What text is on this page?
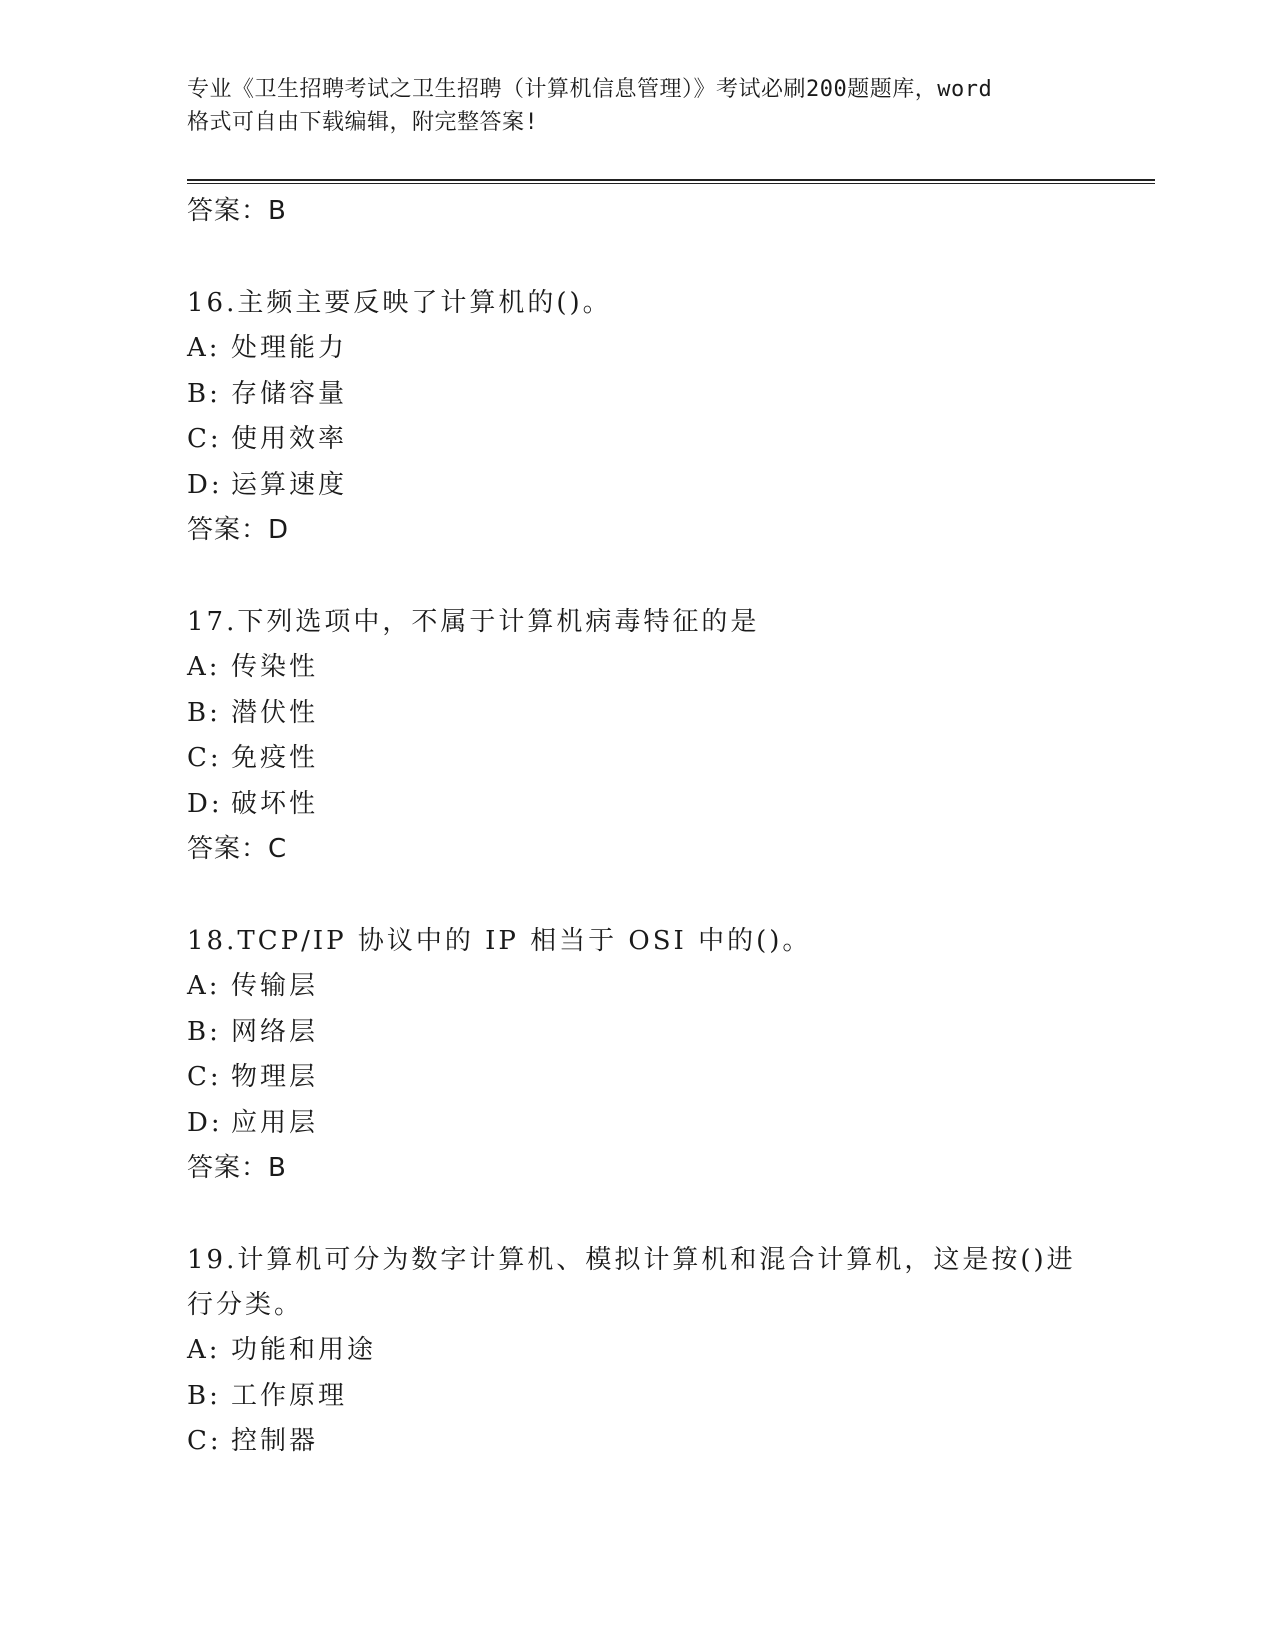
专业《卫生招聘考试之卫生招聘（计算机信息管理）》考试必刷200题题库，word
格式可自由下载编辑，附完整答案!
答案：B
16.主频主要反映了计算机的()。
A: 处理能力
B: 存储容量
C: 使用效率
D: 运算速度
答案：D
17.下列选项中，不属于计算机病毒特征的是
A: 传染性
B: 潜伏性
C: 免疫性
D: 破坏性
答案：C
18.TCP/IP 协议中的 IP 相当于 OSI 中的()。
A: 传输层
B: 网络层
C: 物理层
D: 应用层
答案：B
19.计算机可分为数字计算机、模拟计算机和混合计算机，这是按()进行分类。
A: 功能和用途
B: 工作原理
C: 控制器
